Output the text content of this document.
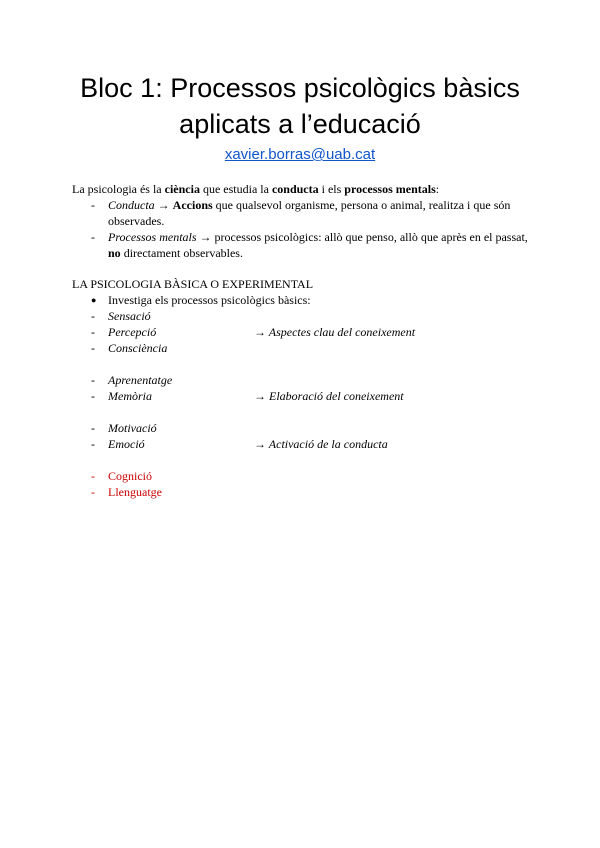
Bloc 1: Processos psicològics bàsics
aplicats a l’educació
xavier.borras@uab.cat
La psicologia és la ciència que estudia la conducta i els processos mentals:
- Conducta → Accions que qualsevol organisme, persona o animal, realitza i que són observades.
- Processos mentals → processos psicològics: allò que penso, allò que après en el passat, no directament observables.
LA PSICOLOGIA BÀSICA O EXPERIMENTAL
● Investiga els processos psicològics bàsics:
- Sensació
- Percepció	→ Aspectes clau del coneixement
- Consciència
- Aprenentatge
- Memòria	→ Elaboració del coneixement
- Motivació
- Emoció	→ Activació de la conducta
- Cognició
- Llenguatge
